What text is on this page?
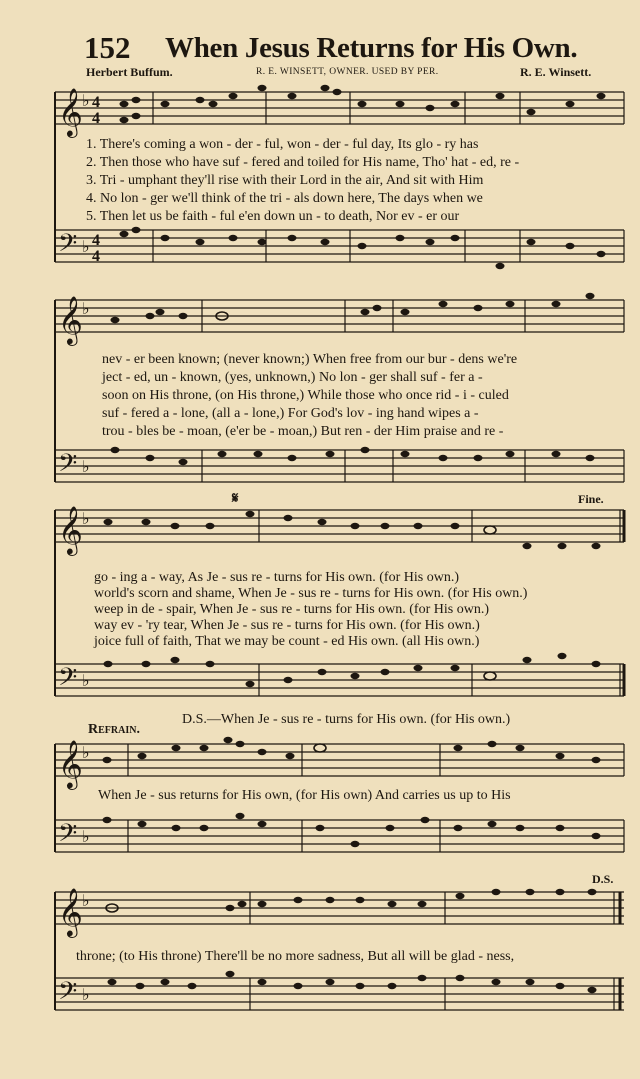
152 When Jesus Returns for His Own.
Herbert Buffum.	R. E. WINSETT, OWNER. USED BY PER.	R. E. Winsett.
𝄞 ♭ 4
4
𝄢 ♭ 4
4
1. There's coming a won - der - ful, won - der - ful day, Its glo - ry has
2. Then those who have suf - fered and toiled for His name, Tho' hat - ed, re -
3. Tri - umphant they'll rise with their Lord in the air, And sit with Him
4. No lon - ger we'll think of the tri - als down here, The days when we
5. Then let us be faith - ful e'en down un - to death, Nor ev - er our
𝄞 ♭
𝄢 ♭
nev - er been known; (never known;) When free from our bur - dens we're
ject - ed, un - known, (yes, unknown,) No lon - ger shall suf - fer a -
soon on His throne, (on His throne,) While those who once rid - i - culed
suf - fered a - lone, (all a - lone,) For God's lov - ing hand wipes a -
trou - bles be - moan, (e'er be - moan,) But ren - der Him praise and re -
𝄋	Fine.
𝄞 ♭
𝄢 ♭
go - ing a - way, As Je - sus re - turns for His own. (for His own.)
world's scorn and shame, When Je - sus re - turns for His own. (for His own.)
weep in de - spair, When Je - sus re - turns for His own. (for His own.)
way ev - 'ry tear, When Je - sus re - turns for His own. (for His own.)
joice full of faith, That we may be count - ed His own. (all His own.)
D.S.—When Je - sus re - turns for His own. (for His own.)
Refrain.
𝄞 ♭
𝄢 ♭
When Je - sus returns for His own, (for His own) And carries us up to His
D.S.
𝄞 ♭
𝄢 ♭
throne; (to His throne) There'll be no more sadness, But all will be glad - ness,
